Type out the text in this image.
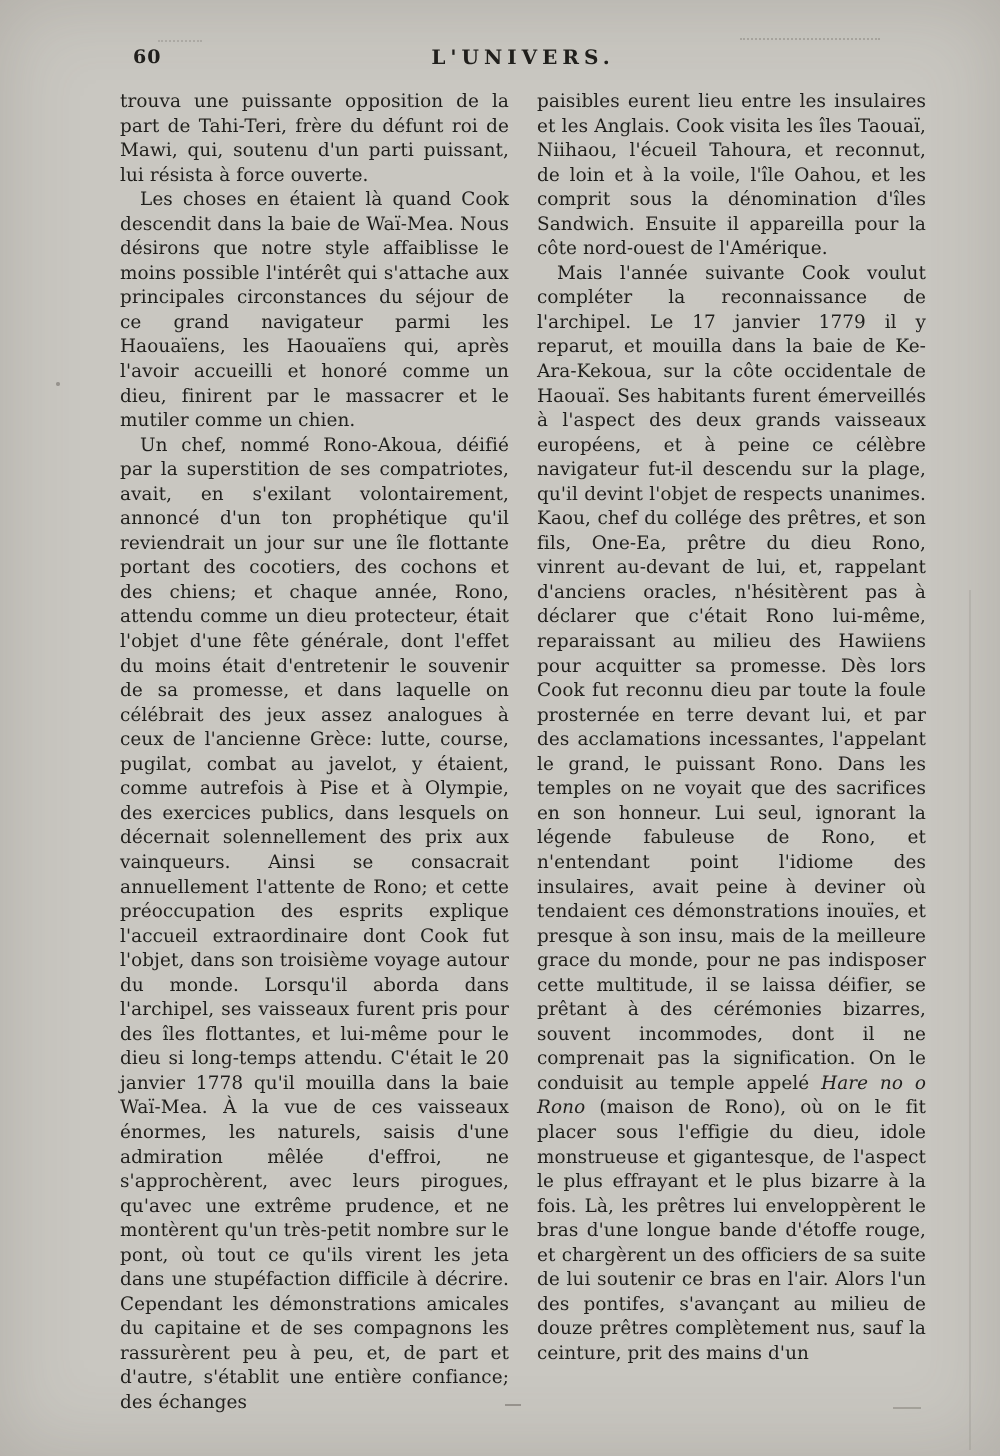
60	L'UNIVERS.

trouva une puissante opposition de la part de Tahi-Teri, frère du défunt roi de Mawi, qui, soutenu d'un parti puissant, lui résista à force ouverte.

Les choses en étaient là quand Cook descendit dans la baie de Waï-Mea. Nous désirons que notre style affaiblisse le moins possible l'intérêt qui s'attache aux principales circonstances du séjour de ce grand navigateur parmi les Haouaïens, les Haouaïens qui, après l'avoir accueilli et honoré comme un dieu, finirent par le massacrer et le mutiler comme un chien.

Un chef, nommé Rono-Akoua, déifié par la superstition de ses compatriotes, avait, en s'exilant volontairement, annoncé d'un ton prophétique qu'il reviendrait un jour sur une île flottante portant des cocotiers, des cochons et des chiens; et chaque année, Rono, attendu comme un dieu protecteur, était l'objet d'une fête générale, dont l'effet du moins était d'entretenir le souvenir de sa promesse, et dans laquelle on célébrait des jeux assez analogues à ceux de l'ancienne Grèce: lutte, course, pugilat, combat au javelot, y étaient, comme autrefois à Pise et à Olympie, des exercices publics, dans lesquels on décernait solennellement des prix aux vainqueurs. Ainsi se consacrait annuellement l'attente de Rono; et cette préoccupation des esprits explique l'accueil extraordinaire dont Cook fut l'objet, dans son troisième voyage autour du monde. Lorsqu'il aborda dans l'archipel, ses vaisseaux furent pris pour des îles flottantes, et lui-même pour le dieu si long-temps attendu. C'était le 20 janvier 1778 qu'il mouilla dans la baie Waï-Mea. À la vue de ces vaisseaux énormes, les naturels, saisis d'une admiration mêlée d'effroi, ne s'approchèrent, avec leurs pirogues, qu'avec une extrême prudence, et ne montèrent qu'un très-petit nombre sur le pont, où tout ce qu'ils virent les jeta dans une stupéfaction difficile à décrire. Cependant les démonstrations amicales du capitaine et de ses compagnons les rassurèrent peu à peu, et, de part et d'autre, s'établit une entière confiance; des échanges

paisibles eurent lieu entre les insulaires et les Anglais. Cook visita les îles Taouaï, Niihaou, l'écueil Tahoura, et reconnut, de loin et à la voile, l'île Oahou, et les comprit sous la dénomination d'îles Sandwich. Ensuite il appareilla pour la côte nord-ouest de l'Amérique.

Mais l'année suivante Cook voulut compléter la reconnaissance de l'archipel. Le 17 janvier 1779 il y reparut, et mouilla dans la baie de Ke-Ara-Kekoua, sur la côte occidentale de Haouaï. Ses habitants furent émerveillés à l'aspect des deux grands vaisseaux européens, et à peine ce célèbre navigateur fut-il descendu sur la plage, qu'il devint l'objet de respects unanimes. Kaou, chef du collége des prêtres, et son fils, One-Ea, prêtre du dieu Rono, vinrent au-devant de lui, et, rappelant d'anciens oracles, n'hésitèrent pas à déclarer que c'était Rono lui-même, reparaissant au milieu des Hawiiens pour acquitter sa promesse. Dès lors Cook fut reconnu dieu par toute la foule prosternée en terre devant lui, et par des acclamations incessantes, l'appelant le grand, le puissant Rono. Dans les temples on ne voyait que des sacrifices en son honneur. Lui seul, ignorant la légende fabuleuse de Rono, et n'entendant point l'idiome des insulaires, avait peine à deviner où tendaient ces démonstrations inouïes, et presque à son insu, mais de la meilleure grace du monde, pour ne pas indisposer cette multitude, il se laissa déifier, se prêtant à des cérémonies bizarres, souvent incommodes, dont il ne comprenait pas la signification. On le conduisit au temple appelé Hare no o Rono (maison de Rono), où on le fit placer sous l'effigie du dieu, idole monstrueuse et gigantesque, de l'aspect le plus effrayant et le plus bizarre à la fois. Là, les prêtres lui enveloppèrent le bras d'une longue bande d'étoffe rouge, et chargèrent un des officiers de sa suite de lui soutenir ce bras en l'air. Alors l'un des pontifes, s'avançant au milieu de douze prêtres complètement nus, sauf la ceinture, prit des mains d'un
